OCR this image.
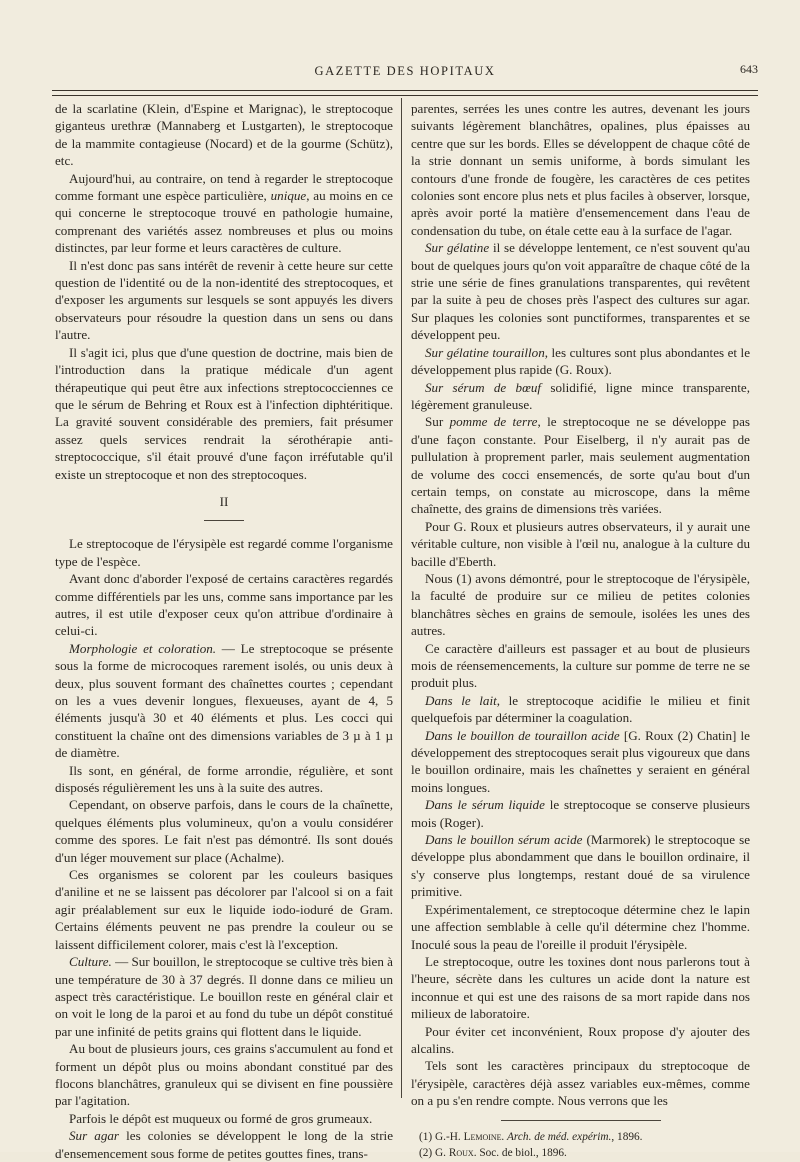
GAZETTE DES HOPITAUX	643

de la scarlatine (Klein, d'Espine et Marignac), le streptocoque giganteus urethræ (Mannaberg et Lustgarten), le streptocoque de la mammite contagieuse (Nocard) et de la gourme (Schütz), etc.

Aujourd'hui, au contraire, on tend à regarder le streptocoque comme formant une espèce particulière, unique, au moins en ce qui concerne le streptocoque trouvé en pathologie humaine, comprenant des variétés assez nombreuses et plus ou moins distinctes, par leur forme et leurs caractères de culture.

Il n'est donc pas sans intérêt de revenir à cette heure sur cette question de l'identité ou de la non-identité des streptocoques, et d'exposer les arguments sur lesquels se sont appuyés les divers observateurs pour résoudre la question dans un sens ou dans l'autre.

Il s'agit ici, plus que d'une question de doctrine, mais bien de l'introduction dans la pratique médicale d'un agent thérapeutique qui peut être aux infections streptococciennes ce que le sérum de Behring et Roux est à l'infection diphtéritique. La gravité souvent considérable des premiers, fait présumer assez quels services rendrait la sérothérapie anti-streptococcique, s'il était prouvé d'une façon irréfutable qu'il existe un streptocoque et non des streptocoques.

II

Le streptocoque de l'érysipèle est regardé comme l'organisme type de l'espèce.

Avant donc d'aborder l'exposé de certains caractères regardés comme différentiels par les uns, comme sans importance par les autres, il est utile d'exposer ceux qu'on attribue d'ordinaire à celui-ci.

Morphologie et coloration. — Le streptocoque se présente sous la forme de microcoques rarement isolés, ou unis deux à deux, plus souvent formant des chaînettes courtes ; cependant on les a vues devenir longues, flexueuses, ayant de 4, 5 éléments jusqu'à 30 et 40 éléments et plus. Les cocci qui constituent la chaîne ont des dimensions variables de 3 µ à 1 µ de diamètre.

Ils sont, en général, de forme arrondie, régulière, et sont disposés régulièrement les uns à la suite des autres.

Cependant, on observe parfois, dans le cours de la chaînette, quelques éléments plus volumineux, qu'on a voulu considérer comme des spores. Le fait n'est pas démontré. Ils sont doués d'un léger mouvement sur place (Achalme).

Ces organismes se colorent par les couleurs basiques d'aniline et ne se laissent pas décolorer par l'alcool si on a fait agir préalablement sur eux le liquide iodo-ioduré de Gram. Certains éléments peuvent ne pas prendre la couleur ou se laissent difficilement colorer, mais c'est là l'exception.

Culture. — Sur bouillon, le streptocoque se cultive très bien à une température de 30 à 37 degrés. Il donne dans ce milieu un aspect très caractéristique. Le bouillon reste en général clair et on voit le long de la paroi et au fond du tube un dépôt constitué par une infinité de petits grains qui flottent dans le liquide.

Au bout de plusieurs jours, ces grains s'accumulent au fond et forment un dépôt plus ou moins abondant constitué par des flocons blanchâtres, granuleux qui se divisent en fine poussière par l'agitation.

Parfois le dépôt est muqueux ou formé de gros grumeaux.

Sur agar les colonies se développent le long de la strie d'ensemencement sous forme de petites gouttes fines, trans-

parentes, serrées les unes contre les autres, devenant les jours suivants légèrement blanchâtres, opalines, plus épaisses au centre que sur les bords. Elles se développent de chaque côté de la strie donnant un semis uniforme, à bords simulant les contours d'une fronde de fougère, les caractères de ces petites colonies sont encore plus nets et plus faciles à observer, lorsque, après avoir porté la matière d'ensemencement dans l'eau de condensation du tube, on étale cette eau à la surface de l'agar.

Sur gélatine il se développe lentement, ce n'est souvent qu'au bout de quelques jours qu'on voit apparaître de chaque côté de la strie une série de fines granulations transparentes, qui revêtent par la suite à peu de choses près l'aspect des cultures sur agar. Sur plaques les colonies sont punctiformes, transparentes et se développent peu.

Sur gélatine touraillon, les cultures sont plus abondantes et le développement plus rapide (G. Roux).

Sur sérum de bœuf solidifié, ligne mince transparente, légèrement granuleuse.

Sur pomme de terre, le streptocoque ne se développe pas d'une façon constante. Pour Eiselberg, il n'y aurait pas de pullulation à proprement parler, mais seulement augmentation de volume des cocci ensemencés, de sorte qu'au bout d'un certain temps, on constate au microscope, dans la même chaînette, des grains de dimensions très variées.

Pour G. Roux et plusieurs autres observateurs, il y aurait une véritable culture, non visible à l'œil nu, analogue à la culture du bacille d'Eberth.

Nous (1) avons démontré, pour le streptocoque de l'érysipèle, la faculté de produire sur ce milieu de petites colonies blanchâtres sèches en grains de semoule, isolées les unes des autres.

Ce caractère d'ailleurs est passager et au bout de plusieurs mois de réensemencements, la culture sur pomme de terre ne se produit plus.

Dans le lait, le streptocoque acidifie le milieu et finit quelquefois par déterminer la coagulation.

Dans le bouillon de touraillon acide [G. Roux (2) Chatin] le développement des streptocoques serait plus vigoureux que dans le bouillon ordinaire, mais les chaînettes y seraient en général moins longues.

Dans le sérum liquide le streptocoque se conserve plusieurs mois (Roger).

Dans le bouillon sérum acide (Marmorek) le streptocoque se développe plus abondamment que dans le bouillon ordinaire, il s'y conserve plus longtemps, restant doué de sa virulence primitive.

Expérimentalement, ce streptocoque détermine chez le lapin une affection semblable à celle qu'il détermine chez l'homme. Inoculé sous la peau de l'oreille il produit l'érysipèle.

Le streptocoque, outre les toxines dont nous parlerons tout à l'heure, sécrète dans les cultures un acide dont la nature est inconnue et qui est une des raisons de sa mort rapide dans nos milieux de laboratoire.

Pour éviter cet inconvénient, Roux propose d'y ajouter des alcalins.

Tels sont les caractères principaux du streptocoque de l'érysipèle, caractères déjà assez variables eux-mêmes, comme on a pu s'en rendre compte. Nous verrons que les

(1) G.-H. Lemoine. Arch. de méd. expérim., 1896.

(2) G. Roux. Soc. de biol., 1896.
